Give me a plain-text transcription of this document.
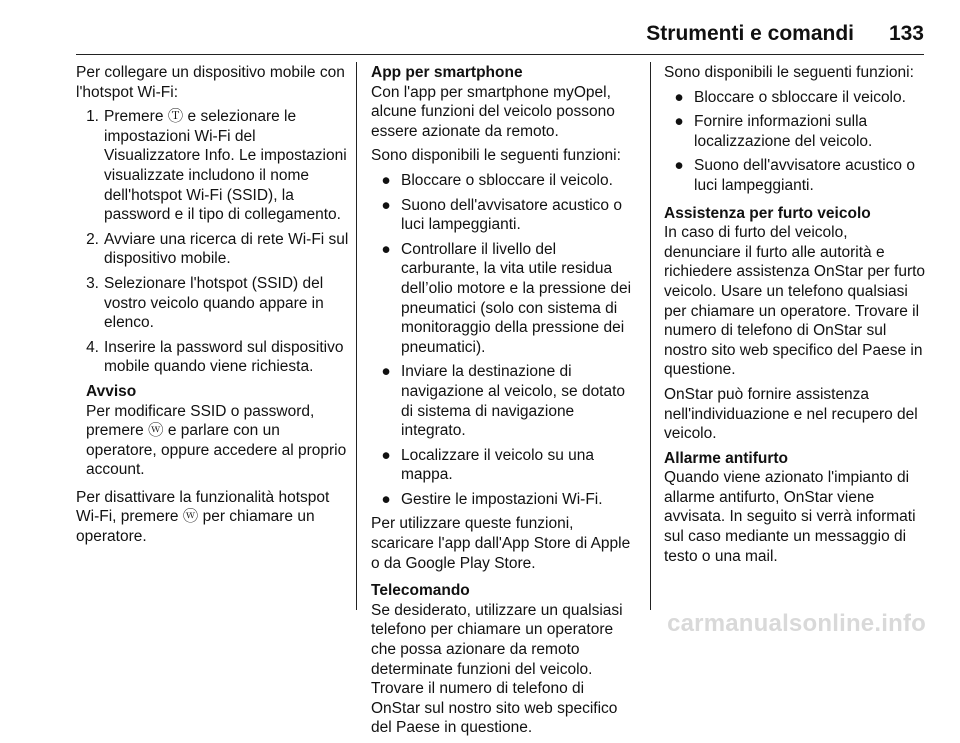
Strumenti e comandi 133

Per collegare un dispositivo mobile con l'hotspot Wi-Fi:

1. Premere Ⓣ e selezionare le impostazioni Wi-Fi del Visualizzatore Info. Le impostazioni visualizzate includono il nome dell'hotspot Wi-Fi (SSID), la password e il tipo di collegamento.
2. Avviare una ricerca di rete Wi-Fi sul dispositivo mobile.
3. Selezionare l'hotspot (SSID) del vostro veicolo quando appare in elenco.
4. Inserire la password sul dispositivo mobile quando viene richiesta.
Avviso

Per modificare SSID o password, premere ⓦ e parlare con un operatore, oppure accedere al proprio account.

Per disattivare la funzionalità hotspot Wi-Fi, premere ⓦ per chiamare un operatore.

App per smartphone

Con l'app per smartphone myOpel, alcune funzioni del veicolo possono essere azionate da remoto.

Sono disponibili le seguenti funzioni:

● Bloccare o sbloccare il veicolo.
● Suono dell'avvisatore acustico o luci lampeggianti.
● Controllare il livello del carburante, la vita utile residua dell’olio motore e la pressione dei pneumatici (solo con sistema di monitoraggio della pressione dei pneumatici).
● Inviare la destinazione di navigazione al veicolo, se dotato di sistema di navigazione integrato.
● Localizzare il veicolo su una mappa.
● Gestire le impostazioni Wi-Fi.

Per utilizzare queste funzioni, scaricare l'app dall'App Store di Apple o da Google Play Store.

Telecomando

Se desiderato, utilizzare un qualsiasi telefono per chiamare un operatore che possa azionare da remoto determinate funzioni del veicolo. Trovare il numero di telefono di OnStar sul nostro sito web specifico del Paese in questione.

Sono disponibili le seguenti funzioni:

● Bloccare o sbloccare il veicolo.
● Fornire informazioni sulla localizzazione del veicolo.
● Suono dell'avvisatore acustico o luci lampeggianti.
Assistenza per furto veicolo

In caso di furto del veicolo, denunciare il furto alle autorità e richiedere assistenza OnStar per furto veicolo. Usare un telefono qualsiasi per chiamare un operatore. Trovare il numero di telefono di OnStar sul nostro sito web specifico del Paese in questione.

OnStar può fornire assistenza nell'individuazione e nel recupero del veicolo.

Allarme antifurto

Quando viene azionato l'impianto di allarme antifurto, OnStar viene avvisata. In seguito si verrà informati sul caso mediante un messaggio di testo o una mail.

carmanualsonline.info
